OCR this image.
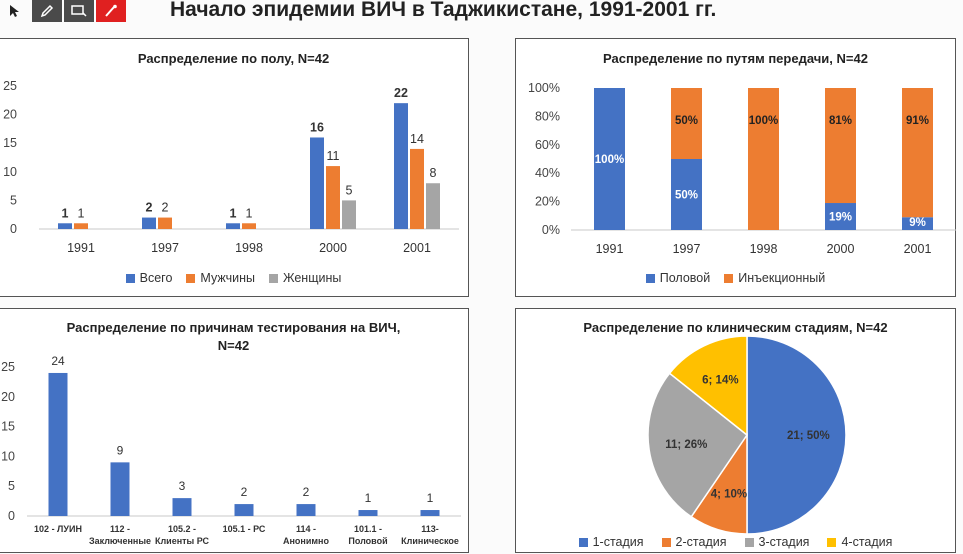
Начало эпидемии ВИЧ в Таджикистане, 1991-2001 гг.
Распределение по полу, N=42
0
5
10
15
20
25
1991
1 1
1997
2 2
1998
1 1
2000
16
11
5
2001
22
14
8
Всего Мужчины Женщины
Распределение по путям передачи, N=42
0%
20%
40%
60%
80%
100%
1991
100%
1997
50%
50%
1998
100%
2000
19%
81%
2001
9%
91%
Половой Инъекционный
Распределение по причинам тестирования на ВИЧ,
N=42
0
5
10
15
20
25	24
102 - ЛУИН
9
112 -
Заключенные
3
105.2 -
Клиенты РС
2
105.1 - РС
2
114 -
Анонимно
1
101.1 -
Половой
1
113-
Клиническое
Распределение по клиническим стадиям, N=42
21; 50%
4; 10%
11; 26%
6; 14%
1-стадия	2-стадия	3-стадия	4-стадия
